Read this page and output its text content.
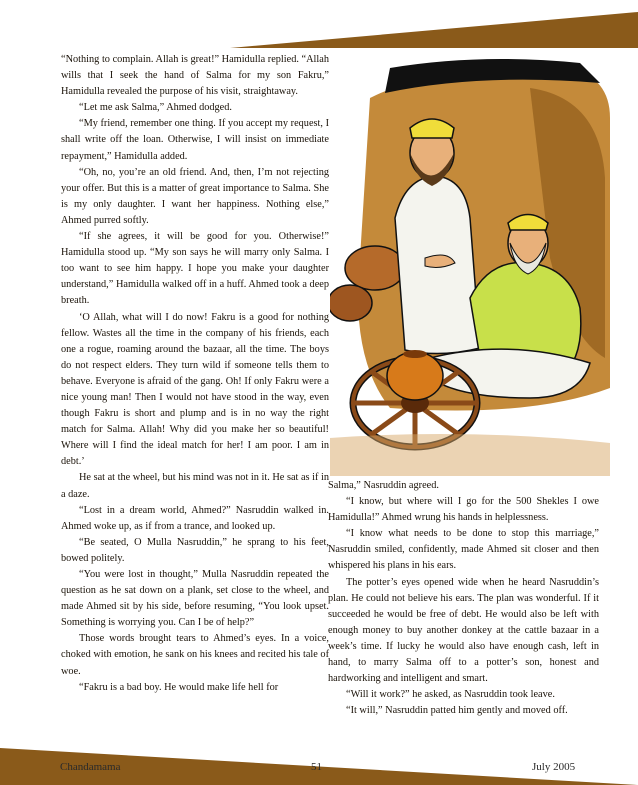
“Nothing to complain. Allah is great!” Hamidulla replied. “Allah wills that I seek the hand of Salma for my son Fakru,” Hamidulla revealed the purpose of his visit, straightaway.

“Let me ask Salma,” Ahmed dodged.

“My friend, remember one thing. If you accept my request, I shall write off the loan. Otherwise, I will insist on immediate repayment,” Hamidulla added.

“Oh, no, you’re an old friend. And, then, I’m not rejecting your offer. But this is a matter of great importance to Salma. She is my only daughter. I want her happiness. Nothing else,” Ahmed purred softly.

“If she agrees, it will be good for you. Otherwise!” Hamidulla stood up. “My son says he will marry only Salma. I too want to see him happy. I hope you make your daughter understand,” Hamidulla walked off in a huff. Ahmed took a deep breath.

‘O Allah, what will I do now! Fakru is a good for nothing fellow. Wastes all the time in the company of his friends, each one a rogue, roaming around the bazaar, all the time. The boys do not respect elders. They turn wild if someone tells them to behave. Everyone is afraid of the gang. Oh! If only Fakru were a nice young man! Then I would not have stood in the way, even though Fakru is short and plump and is in no way the right match for Salma. Allah! Why did you make her so beautiful! Where will I find the ideal match for her! I am poor. I am in debt.’

He sat at the wheel, but his mind was not in it. He sat as if in a daze.

“Lost in a dream world, Ahmed?” Nasruddin walked in. Ahmed woke up, as if from a trance, and looked up.

“Be seated, O Mulla Nasruddin,” he sprang to his feet, bowed politely.

“You were lost in thought,” Mulla Nasruddin repeated the question as he sat down on a plank, set close to the wheel, and made Ahmed sit by his side, before resuming, “You look upset. Something is worrying you. Can I be of help?”

Those words brought tears to Ahmed’s eyes. In a voice, choked with emotion, he sank on his knees and recited his tale of woe.

“Fakru is a bad boy. He would make life hell for

Salma,” Nasruddin agreed.

“I know, but where will I go for the 500 Shekles I owe Hamidulla!” Ahmed wrung his hands in helplessness.

“I know what needs to be done to stop this marriage,” Nasruddin smiled, confidently, made Ahmed sit closer and then whispered his plans in his ears.

The potter’s eyes opened wide when he heard Nasruddin’s plan. He could not believe his ears. The plan was wonderful. If it succeeded he would be free of debt. He would also be left with enough money to buy another donkey at the cattle bazaar in a week’s time. If lucky he would also have enough cash, left in hand, to marry Salma off to a potter’s son, honest and hardworking and intelligent and smart.

“Will it work?” he asked, as Nasruddin took leave.

“It will,” Nasruddin patted him gently and moved off.

Chandamama	51	July 2005
